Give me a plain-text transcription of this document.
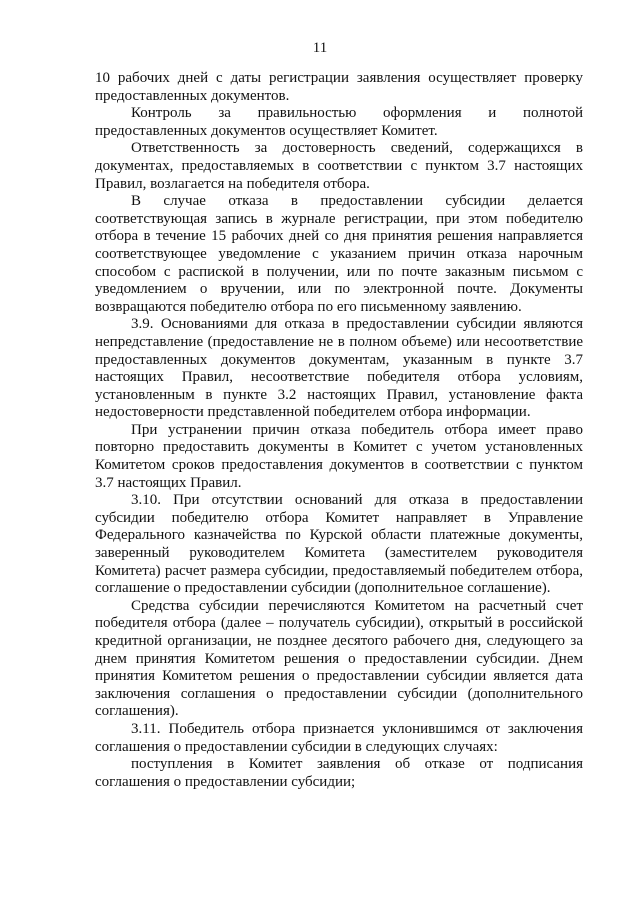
11

10 рабочих дней с даты регистрации заявления осуществляет проверку предоставленных документов.

Контроль за правильностью оформления и полнотой предоставленных документов осуществляет Комитет.

Ответственность за достоверность сведений, содержащихся в документах, предоставляемых в соответствии с пунктом 3.7 настоящих Правил, возлагается на победителя отбора.

В случае отказа в предоставлении субсидии делается соответствующая запись в журнале регистрации, при этом победителю отбора в течение 15 рабочих дней со дня принятия решения направляется соответствующее уведомление с указанием причин отказа нарочным способом с распиской в получении, или по почте заказным письмом с уведомлением о вручении, или по электронной почте. Документы возвращаются победителю отбора по его письменному заявлению.

3.9. Основаниями для отказа в предоставлении субсидии являются непредставление (предоставление не в полном объеме) или несоответствие предоставленных документов документам, указанным в пункте 3.7 настоящих Правил, несоответствие победителя отбора условиям, установленным в пункте 3.2 настоящих Правил, установление факта недостоверности представленной победителем отбора информации.

При устранении причин отказа победитель отбора имеет право повторно предоставить документы в Комитет с учетом установленных Комитетом сроков предоставления документов в соответствии с пунктом 3.7 настоящих Правил.

3.10. При отсутствии оснований для отказа в предоставлении субсидии победителю отбора Комитет направляет в Управление Федерального казначейства по Курской области платежные документы, заверенный руководителем Комитета (заместителем руководителя Комитета) расчет размера субсидии, предоставляемый победителем отбора, соглашение о предоставлении субсидии (дополнительное соглашение).

Средства субсидии перечисляются Комитетом на расчетный счет победителя отбора (далее – получатель субсидии), открытый в российской кредитной организации, не позднее десятого рабочего дня, следующего за днем принятия Комитетом решения о предоставлении субсидии. Днем принятия Комитетом решения о предоставлении субсидии является дата заключения соглашения о предоставлении субсидии (дополнительного соглашения).

3.11. Победитель отбора признается уклонившимся от заключения соглашения о предоставлении субсидии в следующих случаях:

поступления в Комитет заявления об отказе от подписания соглашения о предоставлении субсидии;
